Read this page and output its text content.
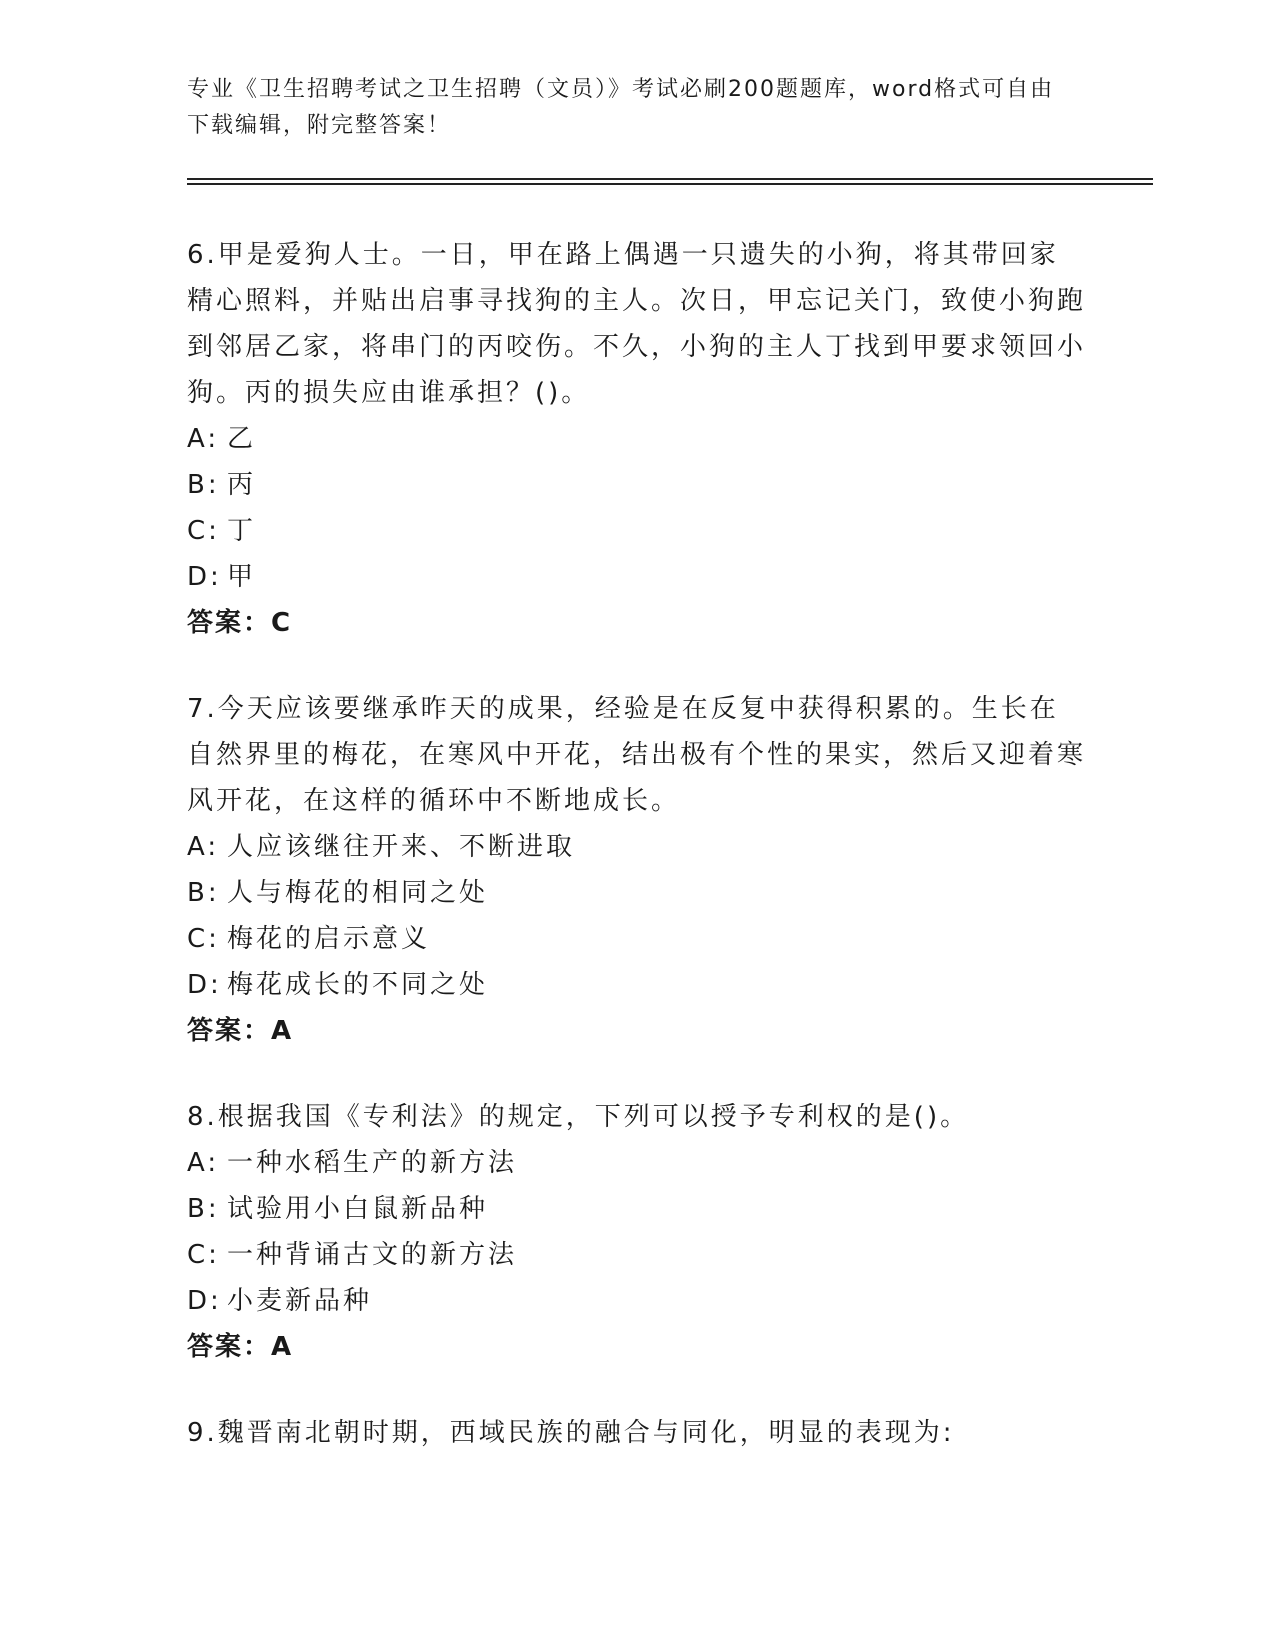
专业《卫生招聘考试之卫生招聘（文员）》考试必刷200题题库，word格式可自由下载编辑，附完整答案！

6.甲是爱狗人士。一日，甲在路上偶遇一只遗失的小狗，将其带回家精心照料，并贴出启事寻找狗的主人。次日，甲忘记关门，致使小狗跑到邻居乙家，将串门的丙咬伤。不久，小狗的主人丁找到甲要求领回小狗。丙的损失应由谁承担？()。

A: 乙

B: 丙

C: 丁

D: 甲

答案：C

7.今天应该要继承昨天的成果，经验是在反复中获得积累的。生长在自然界里的梅花，在寒风中开花，结出极有个性的果实，然后又迎着寒风开花，在这样的循环中不断地成长。

A: 人应该继往开来、不断进取

B: 人与梅花的相同之处

C: 梅花的启示意义

D: 梅花成长的不同之处

答案：A

8.根据我国《专利法》的规定，下列可以授予专利权的是()。

A: 一种水稻生产的新方法

B: 试验用小白鼠新品种

C: 一种背诵古文的新方法

D: 小麦新品种

答案：A

9.魏晋南北朝时期，西域民族的融合与同化，明显的表现为:
